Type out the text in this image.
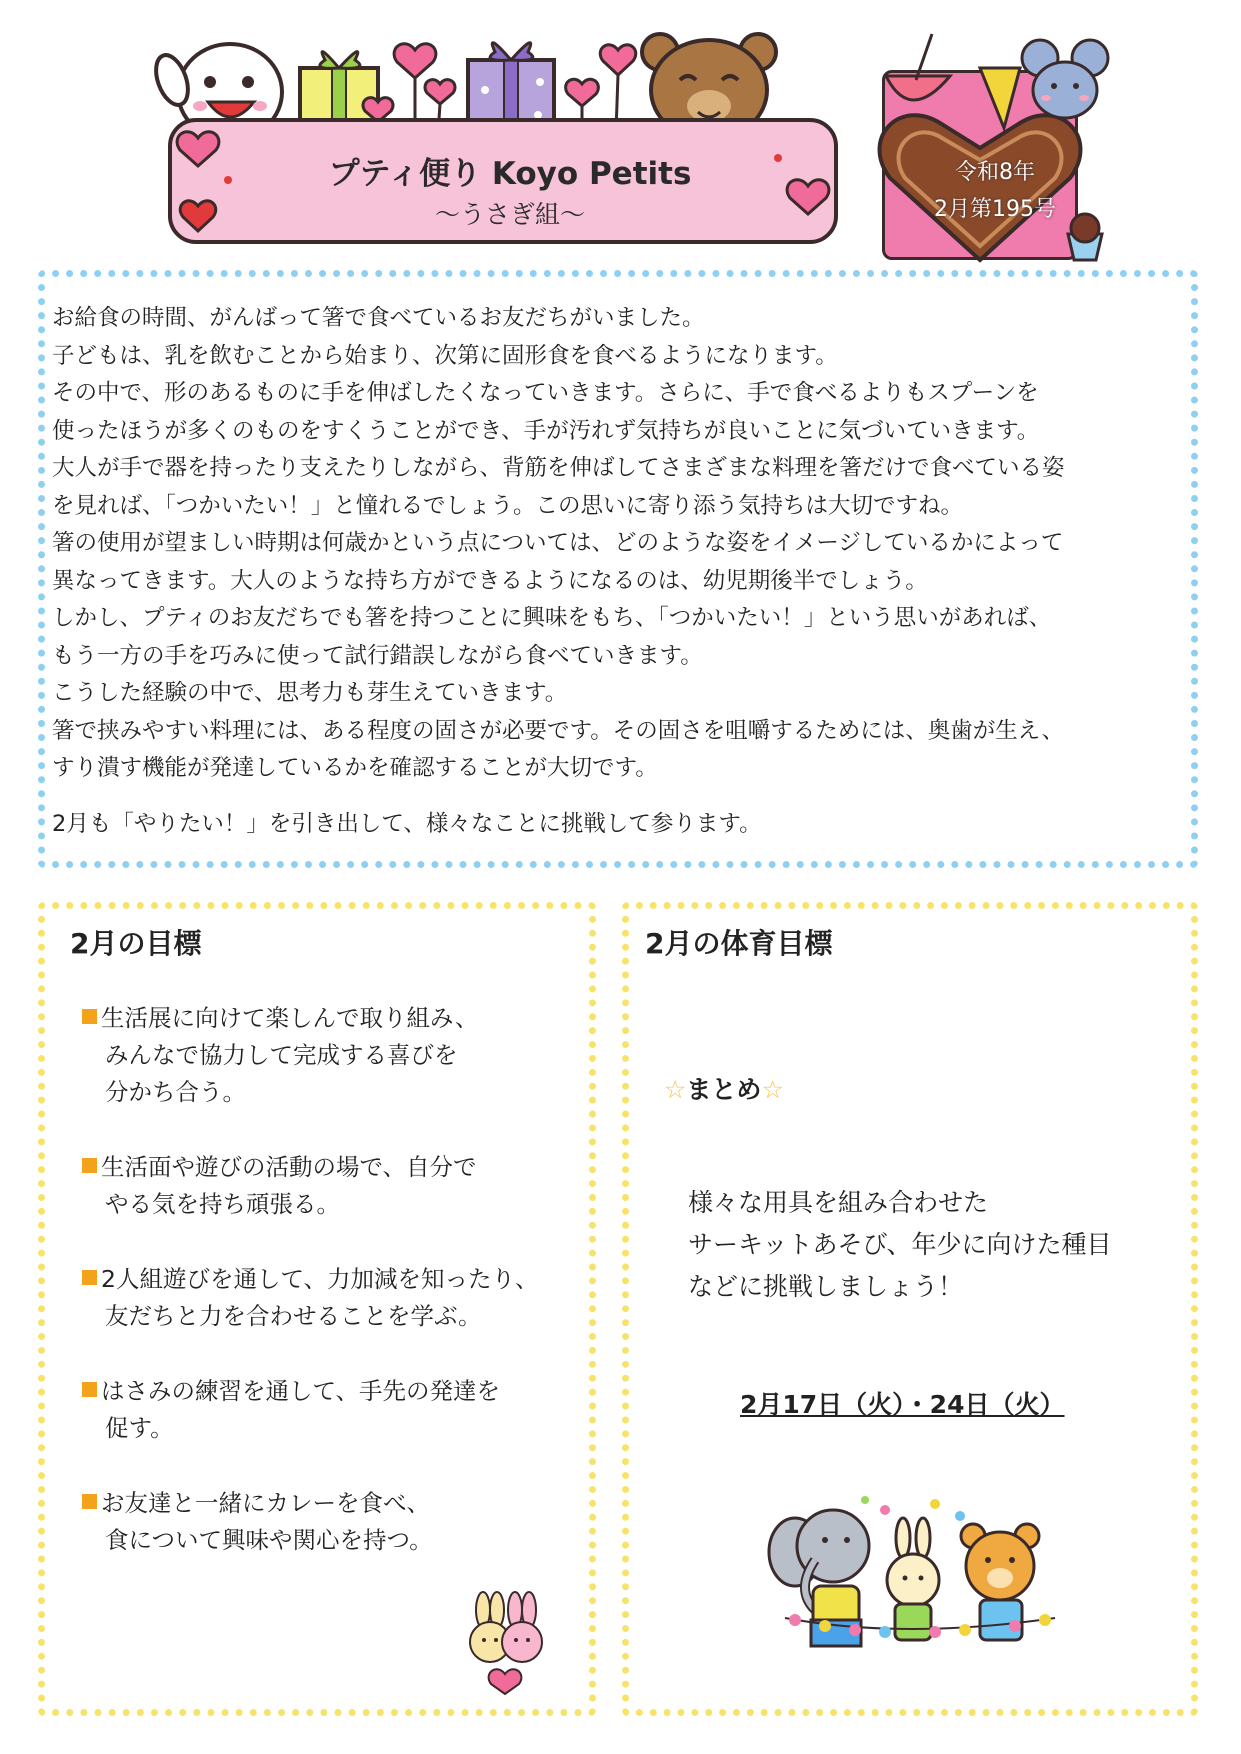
プティ便り Koyo Petits
〜うさぎ組〜
令和8年
2月第195号

お給食の時間、がんばって箸で食べているお友だちがいました。

子どもは、乳を飲むことから始まり、次第に固形食を食べるようになります。

その中で、形のあるものに手を伸ばしたくなっていきます。さらに、手で食べるよりもスプーンを

使ったほうが多くのものをすくうことができ、手が汚れず気持ちが良いことに気づいていきます。

大人が手で器を持ったり支えたりしながら、背筋を伸ばしてさまざまな料理を箸だけで食べている姿

を見れば、「つかいたい！」と憧れるでしょう。この思いに寄り添う気持ちは大切ですね。

箸の使用が望ましい時期は何歳かという点については、どのような姿をイメージしているかによって

異なってきます。大人のような持ち方ができるようになるのは、幼児期後半でしょう。

しかし、プティのお友だちでも箸を持つことに興味をもち、「つかいたい！」という思いがあれば、

もう一方の手を巧みに使って試行錯誤しながら食べていきます。

こうした経験の中で、思考力も芽生えていきます。

箸で挟みやすい料理には、ある程度の固さが必要です。その固さを咀嚼するためには、奥歯が生え、

すり潰す機能が発達しているかを確認することが大切です。

2月も「やりたい！」を引き出して、様々なことに挑戦して参ります。
2月の目標
生活展に向けて楽しんで取り組み、
みんなで協力して完成する喜びを
分かち合う。
生活面や遊びの活動の場で、自分で
やる気を持ち頑張る。
2人組遊びを通して、力加減を知ったり、
友だちと力を合わせることを学ぶ。
はさみの練習を通して、手先の発達を
促す。
お友達と一緒にカレーを食べ、
食について興味や関心を持つ。
2月の体育目標
☆まとめ☆
様々な用具を組み合わせた
サーキットあそび、年少に向けた種目
などに挑戦しましょう！
2月17日（火）・24日（火）
